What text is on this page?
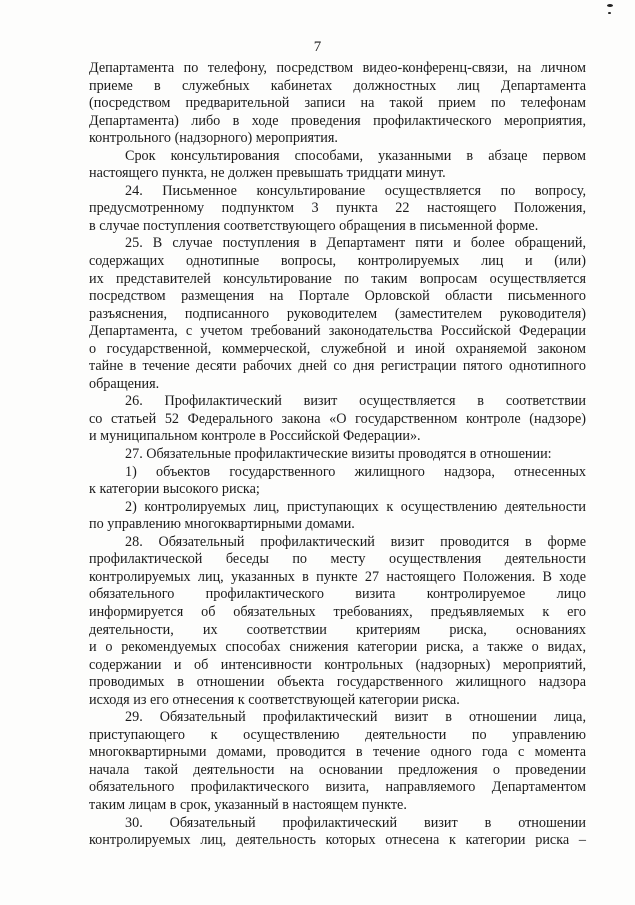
7
Департамента по телефону, посредством видео-конференц-связи, на личном
приеме в служебных кабинетах должностных лиц Департамента
(посредством предварительной записи на такой прием по телефонам
Департамента) либо в ходе проведения профилактического мероприятия,
контрольного (надзорного) мероприятия.
Срок консультирования способами, указанными в абзаце первом
настоящего пункта, не должен превышать тридцати минут.
24. Письменное консультирование осуществляется по вопросу,
предусмотренному подпунктом 3 пункта 22 настоящего Положения,
в случае поступления соответствующего обращения в письменной форме.
25. В случае поступления в Департамент пяти и более обращений,
содержащих однотипные вопросы, контролируемых лиц и (или)
их представителей консультирование по таким вопросам осуществляется
посредством размещения на Портале Орловской области письменного
разъяснения, подписанного руководителем (заместителем руководителя)
Департамента, с учетом требований законодательства Российской Федерации
о государственной, коммерческой, служебной и иной охраняемой законом
тайне в течение десяти рабочих дней со дня регистрации пятого однотипного
обращения.
26. Профилактический визит осуществляется в соответствии
со статьей 52 Федерального закона «О государственном контроле (надзоре)
и муниципальном контроле в Российской Федерации».
27. Обязательные профилактические визиты проводятся в отношении:
1) объектов государственного жилищного надзора, отнесенных
к категории высокого риска;
2) контролируемых лиц, приступающих к осуществлению деятельности
по управлению многоквартирными домами.
28. Обязательный профилактический визит проводится в форме
профилактической беседы по месту осуществления деятельности
контролируемых лиц, указанных в пункте 27 настоящего Положения. В ходе
обязательного профилактического визита контролируемое лицо
информируется об обязательных требованиях, предъявляемых к его
деятельности, их соответствии критериям риска, основаниях
и о рекомендуемых способах снижения категории риска, а также о видах,
содержании и об интенсивности контрольных (надзорных) мероприятий,
проводимых в отношении объекта государственного жилищного надзора
исходя из его отнесения к соответствующей категории риска.
29. Обязательный профилактический визит в отношении лица,
приступающего к осуществлению деятельности по управлению
многоквартирными домами, проводится в течение одного года с момента
начала такой деятельности на основании предложения о проведении
обязательного профилактического визита, направляемого Департаментом
таким лицам в срок, указанный в настоящем пункте.
30. Обязательный профилактический визит в отношении
контролируемых лиц, деятельность которых отнесена к категории риска –
